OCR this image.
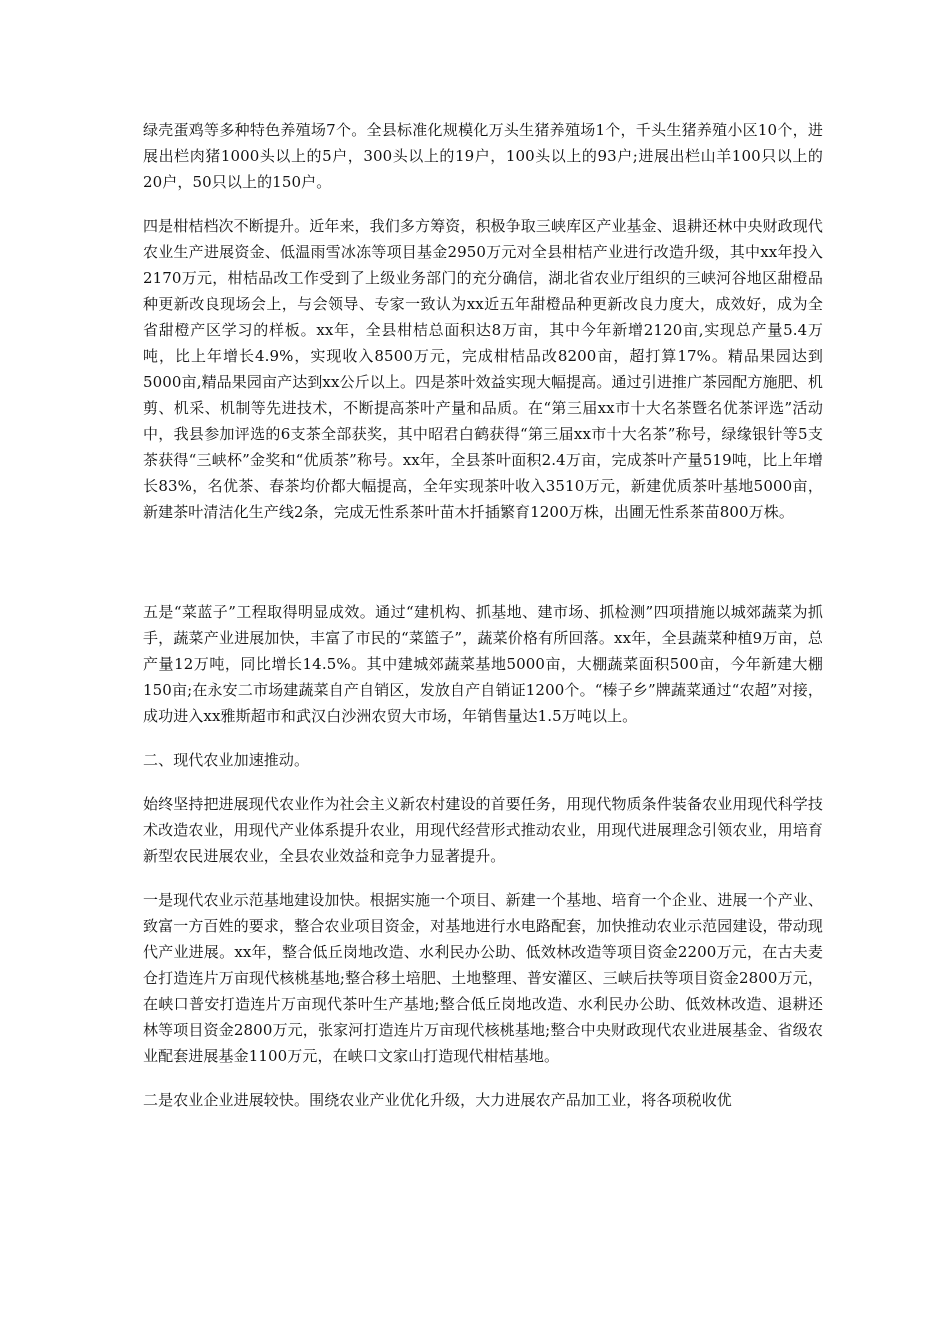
绿壳蛋鸡等多种特色养殖场7个。全县标准化规模化万头生猪养殖场1个，千头生猪养殖小区10个，进展出栏肉猪1000头以上的5户，300头以上的19户，100头以上的93户;进展出栏山羊100只以上的20户，50只以上的150户。

四是柑桔档次不断提升。近年来，我们多方筹资，积极争取三峡库区产业基金、退耕还林中央财政现代农业生产进展资金、低温雨雪冰冻等项目基金2950万元对全县柑桔产业进行改造升级，其中xx年投入2170万元，柑桔品改工作受到了上级业务部门的充分确信，湖北省农业厅组织的三峡河谷地区甜橙品种更新改良现场会上，与会领导、专家一致认为xx近五年甜橙品种更新改良力度大，成效好，成为全省甜橙产区学习的样板。xx年，全县柑桔总面积达8万亩，其中今年新增2120亩,实现总产量5.4万吨，比上年增长4.9%，实现收入8500万元，完成柑桔品改8200亩，超打算17%。精品果园达到5000亩,精品果园亩产达到xx公斤以上。四是茶叶效益实现大幅提高。通过引进推广茶园配方施肥、机剪、机采、机制等先进技术，不断提高茶叶产量和品质。在“第三届xx市十大名茶暨名优茶评选”活动中，我县参加评选的6支茶全部获奖，其中昭君白鹤获得“第三届xx市十大名茶”称号，绿缘银针等5支茶获得“三峡杯”金奖和“优质茶”称号。xx年，全县茶叶面积2.4万亩，完成茶叶产量519吨，比上年增长83%，名优茶、春茶均价都大幅提高，全年实现茶叶收入3510万元，新建优质茶叶基地5000亩，新建茶叶清洁化生产线2条，完成无性系茶叶苗木扦插繁育1200万株，出圃无性系茶苗800万株。

五是“菜蓝子”工程取得明显成效。通过“建机构、抓基地、建市场、抓检测”四项措施以城郊蔬菜为抓手，蔬菜产业进展加快，丰富了市民的“菜篮子”，蔬菜价格有所回落。xx年，全县蔬菜种植9万亩，总产量12万吨，同比增长14.5%。其中建城郊蔬菜基地5000亩，大棚蔬菜面积500亩，今年新建大棚150亩;在永安二市场建蔬菜自产自销区，发放自产自销证1200个。“榛子乡”牌蔬菜通过“农超”对接，成功进入xx雅斯超市和武汉白沙洲农贸大市场，年销售量达1.5万吨以上。

二、现代农业加速推动。

始终坚持把进展现代农业作为社会主义新农村建设的首要任务，用现代物质条件装备农业用现代科学技术改造农业，用现代产业体系提升农业，用现代经营形式推动农业，用现代进展理念引领农业，用培育新型农民进展农业，全县农业效益和竞争力显著提升。

一是现代农业示范基地建设加快。根据实施一个项目、新建一个基地、培育一个企业、进展一个产业、致富一方百姓的要求，整合农业项目资金，对基地进行水电路配套，加快推动农业示范园建设，带动现代产业进展。xx年，整合低丘岗地改造、水利民办公助、低效林改造等项目资金2200万元，在古夫麦仓打造连片万亩现代核桃基地;整合移土培肥、土地整理、普安灌区、三峡后扶等项目资金2800万元，在峡口普安打造连片万亩现代茶叶生产基地;整合低丘岗地改造、水利民办公助、低效林改造、退耕还林等项目资金2800万元，张家河打造连片万亩现代核桃基地;整合中央财政现代农业进展基金、省级农业配套进展基金1100万元，在峡口文家山打造现代柑桔基地。

二是农业企业进展较快。围绕农业产业优化升级，大力进展农产品加工业，将各项税收优
